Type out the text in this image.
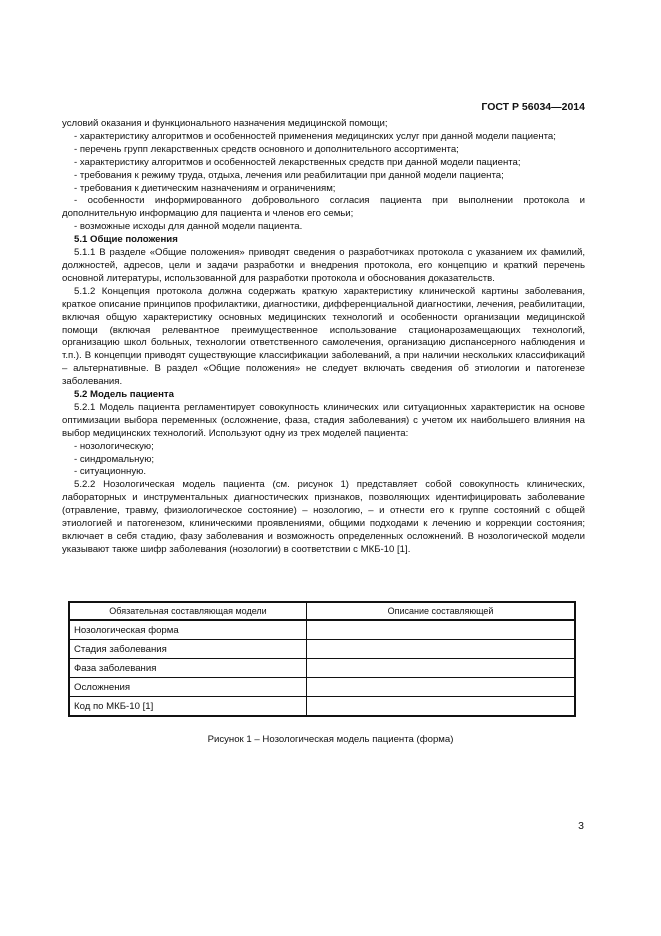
ГОСТ Р 56034—2014

условий оказания и функционального назначения медицинской помощи;

- характеристику алгоритмов и особенностей применения медицинских услуг при данной модели пациента;

- перечень групп лекарственных средств основного и дополнительного ассортимента;

- характеристику алгоритмов и особенностей лекарственных средств при данной модели пациента;

- требования к режиму труда, отдыха, лечения или реабилитации при данной модели пациента;

- требования к диетическим назначениям и ограничениям;

- особенности информированного добровольного согласия пациента при выполнении протокола и дополнительную информацию для пациента и членов его семьи;

- возможные исходы для данной модели пациента.

5.1 Общие положения

5.1.1 В разделе «Общие положения» приводят сведения о разработчиках протокола с указанием их фамилий, должностей, адресов, цели и задачи разработки и внедрения протокола, его концепцию и краткий перечень основной литературы, использованной для разработки протокола и обоснования доказательств.

5.1.2 Концепция протокола должна содержать краткую характеристику клинической картины заболевания, краткое описание принципов профилактики, диагностики, дифференциальной диагностики, лечения, реабилитации, включая общую характеристику основных медицинских технологий и особенности организации медицинской помощи (включая релевантное преимущественное использование стационарозамещающих технологий, организацию школ больных, технологии ответственного самолечения, организацию диспансерного наблюдения и т.п.). В концепции приводят существующие классификации заболеваний, а при наличии нескольких классификаций – альтернативные. В раздел «Общие положения» не следует включать сведения об этиологии и патогенезе заболевания.

5.2 Модель пациента

5.2.1 Модель пациента регламентирует совокупность клинических или ситуационных характеристик на основе оптимизации выбора переменных (осложнение, фаза, стадия заболевания) с учетом их наибольшего влияния на выбор медицинских технологий. Используют одну из трех моделей пациента:

- нозологическую;

- синдромальную;

- ситуационную.

5.2.2 Нозологическая модель пациента (см. рисунок 1) представляет собой совокупность клинических, лабораторных и инструментальных диагностических признаков, позволяющих идентифицировать заболевание (отравление, травму, физиологическое состояние) – нозологию, – и отнести его к группе состояний с общей этиологией и патогенезом, клиническими проявлениями, общими подходами к лечению и коррекции состояния; включает в себя стадию, фазу заболевания и возможность определенных осложнений. В нозологической модели указывают также шифр заболевания (нозологии) в соответствии с МКБ-10 [1].

Обязательная составляющая модели	Описание составляющей
Нозологическая форма	
Стадия заболевания	
Фаза заболевания	
Осложнения	
Код по МКБ-10 [1]	
Рисунок 1 – Нозологическая модель пациента (форма)
3
